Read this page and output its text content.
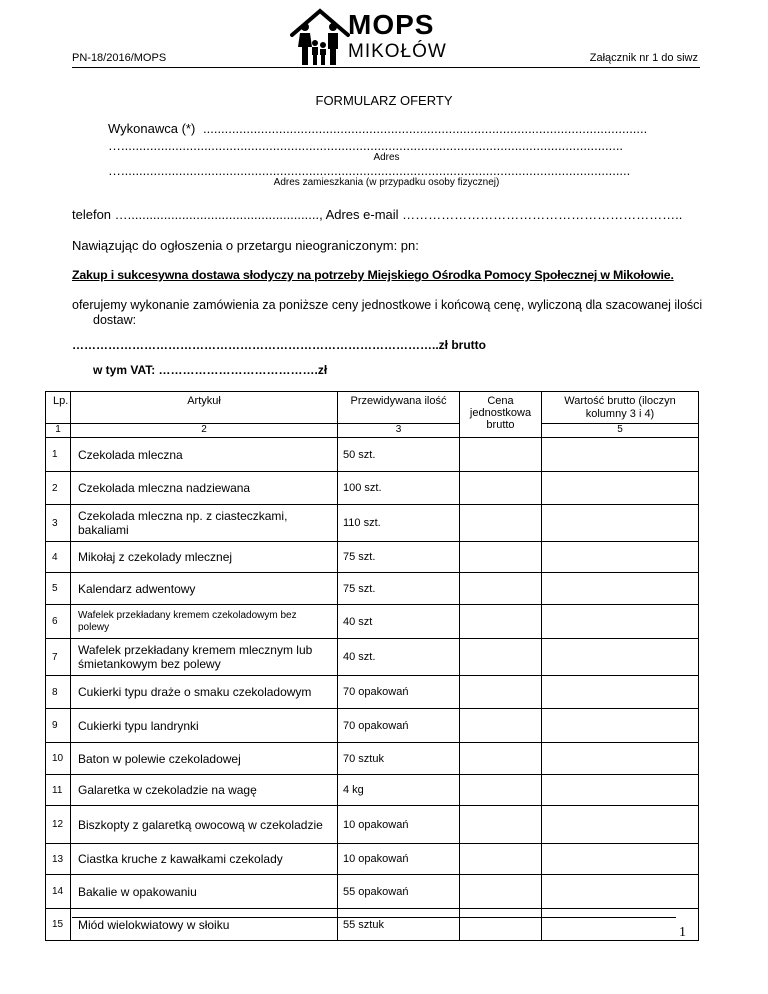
PN-18/2016/MOPS	Załącznik nr 1 do siwz
MOPS
MIKOŁÓW
FORMULARZ OFERTY
Wykonawca (*) ...........................................................................................................................
…...........................................................................................................................................
Adres
….............................................................................................................................................
Adres zamieszkania (w przypadku osoby fizycznej)
telefon …....................................................., Adres e-mail ………………………………………………………..
Nawiązując do ogłoszenia o przetargu nieograniczonym: pn:
Zakup i sukcesywna dostawa słodyczy na potrzeby Miejskiego Ośrodka Pomocy Społecznej w Mikołowie.
oferujemy wykonanie zamówienia za poniższe ceny jednostkowe i końcową cenę, wyliczoną dla szacowanej ilości
dostaw:
………………………………………………………………………………..zł brutto
w tym VAT: ………………………………….zł
Lp.	Artykuł	Przewidywana ilość	Cena jednostkowa brutto	Wartość brutto (iloczyn kolumny 3 i 4)
1	2	3		5
1	Czekolada mleczna	50 szt.		
2	Czekolada mleczna nadziewana	100 szt.		
3	Czekolada mleczna np. z ciasteczkami, bakaliami	110 szt.		
4	Mikołaj z czekolady mlecznej	75 szt.		
5	Kalendarz adwentowy	75 szt.		
6	Wafelek przekładany kremem czekoladowym bez polewy	40 szt		
7	Wafelek przekładany kremem mlecznym lub śmietankowym bez polewy	40 szt.		
8	Cukierki typu draże o smaku czekoladowym	70 opakowań		
9	Cukierki typu landrynki	70 opakowań		
10	Baton w polewie czekoladowej	70 sztuk		
11	Galaretka w czekoladzie na wagę	4 kg		
12	Biszkopty z galaretką owocową w czekoladzie	10 opakowań		
13	Ciastka kruche z kawałkami czekolady	10 opakowań		
14	Bakalie w opakowaniu	55 opakowań		
15	Miód wielokwiatowy w słoiku	55 sztuk		
1
